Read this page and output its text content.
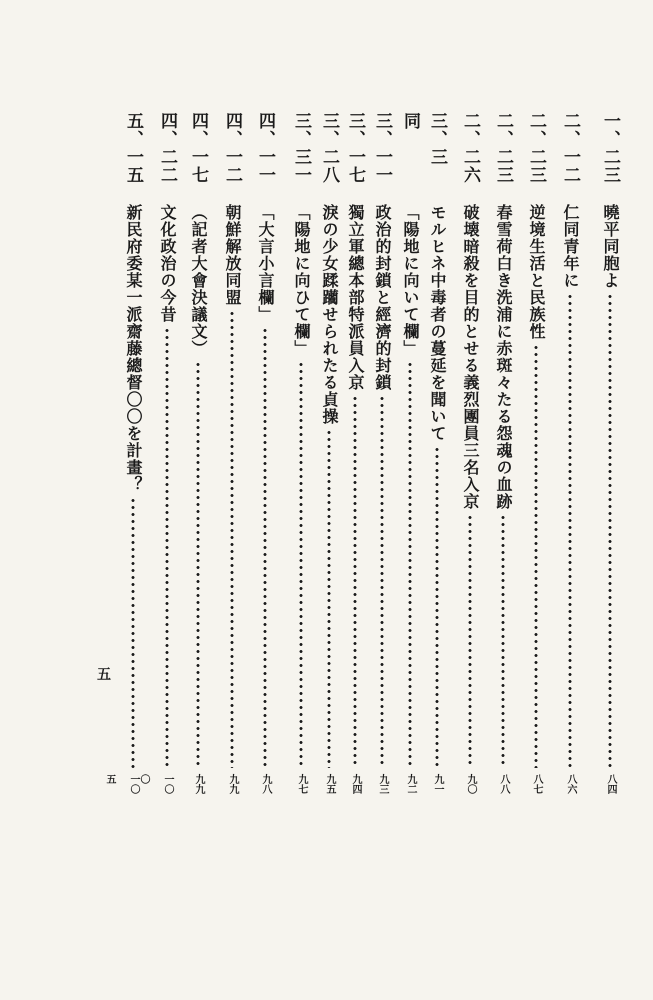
一、二三
曉平同胞よ
八四
二、一二
仁同青年に
八六
二、二三
逆境生活と民族性
八七
二、二三
春雪荷白き洗浦に赤斑々たる怨魂の血跡
八八
二、二六
破壊暗殺を目的とせる義烈團員三名入京
九〇
三、三
モルヒネ中毒者の蔓延を聞いて
九一
同
「陽地に向いて欄」
九二
三、一一
政治的封鎖と經濟的封鎖
九三
三、一七
獨立軍總本部特派員入京
九四
三、二八
淚の少女蹂躪せられたる貞操
九五
三、三一
「陽地に向ひて欄」
九七
四、一一
「大言小言欄」
九八
四、一二
朝鮮解放同盟
九九
四、一七
（記者大會決議文）
九九
四、二二
文化政治の今昔
一〇〇
五、一五
新民府委某一派齋藤總督〇〇を計畫？
一〇五
五
